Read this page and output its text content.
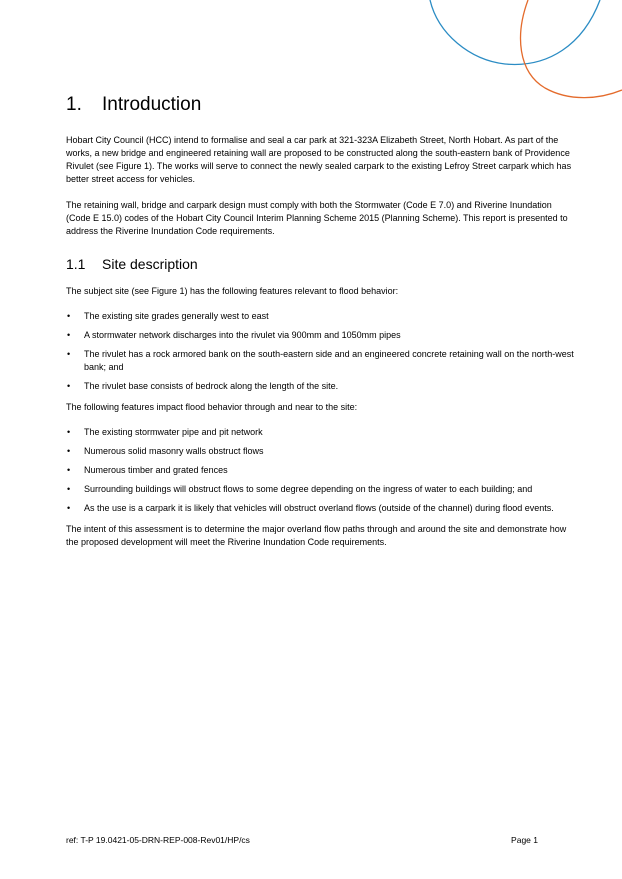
1. Introduction

Hobart City Council (HCC) intend to formalise and seal a car park at 321-323A Elizabeth Street, North Hobart. As part of the works, a new bridge and engineered retaining wall are proposed to be constructed along the south-eastern bank of Providence Rivulet (see Figure 1). The works will serve to connect the newly sealed carpark to the existing Lefroy Street carpark which has better street access for vehicles.

The retaining wall, bridge and carpark design must comply with both the Stormwater (Code E 7.0) and Riverine Inundation (Code E 15.0) codes of the Hobart City Council Interim Planning Scheme 2015 (Planning Scheme). This report is presented to address the Riverine Inundation Code requirements.

1.1 Site description

The subject site (see Figure 1) has the following features relevant to flood behavior:

• The existing site grades generally west to east
• A stormwater network discharges into the rivulet via 900mm and 1050mm pipes
• The rivulet has a rock armored bank on the south-eastern side and an engineered concrete retaining wall on the north-west bank; and
• The rivulet base consists of bedrock along the length of the site.

The following features impact flood behavior through and near to the site:

• The existing stormwater pipe and pit network
• Numerous solid masonry walls obstruct flows
• Numerous timber and grated fences
• Surrounding buildings will obstruct flows to some degree depending on the ingress of water to each building; and
• As the use is a carpark it is likely that vehicles will obstruct overland flows (outside of the channel) during flood events.

The intent of this assessment is to determine the major overland flow paths through and around the site and demonstrate how the proposed development will meet the Riverine Inundation Code requirements.

ref: T-P 19.0421-05-DRN-REP-008-Rev01/HP/cs	Page 1
